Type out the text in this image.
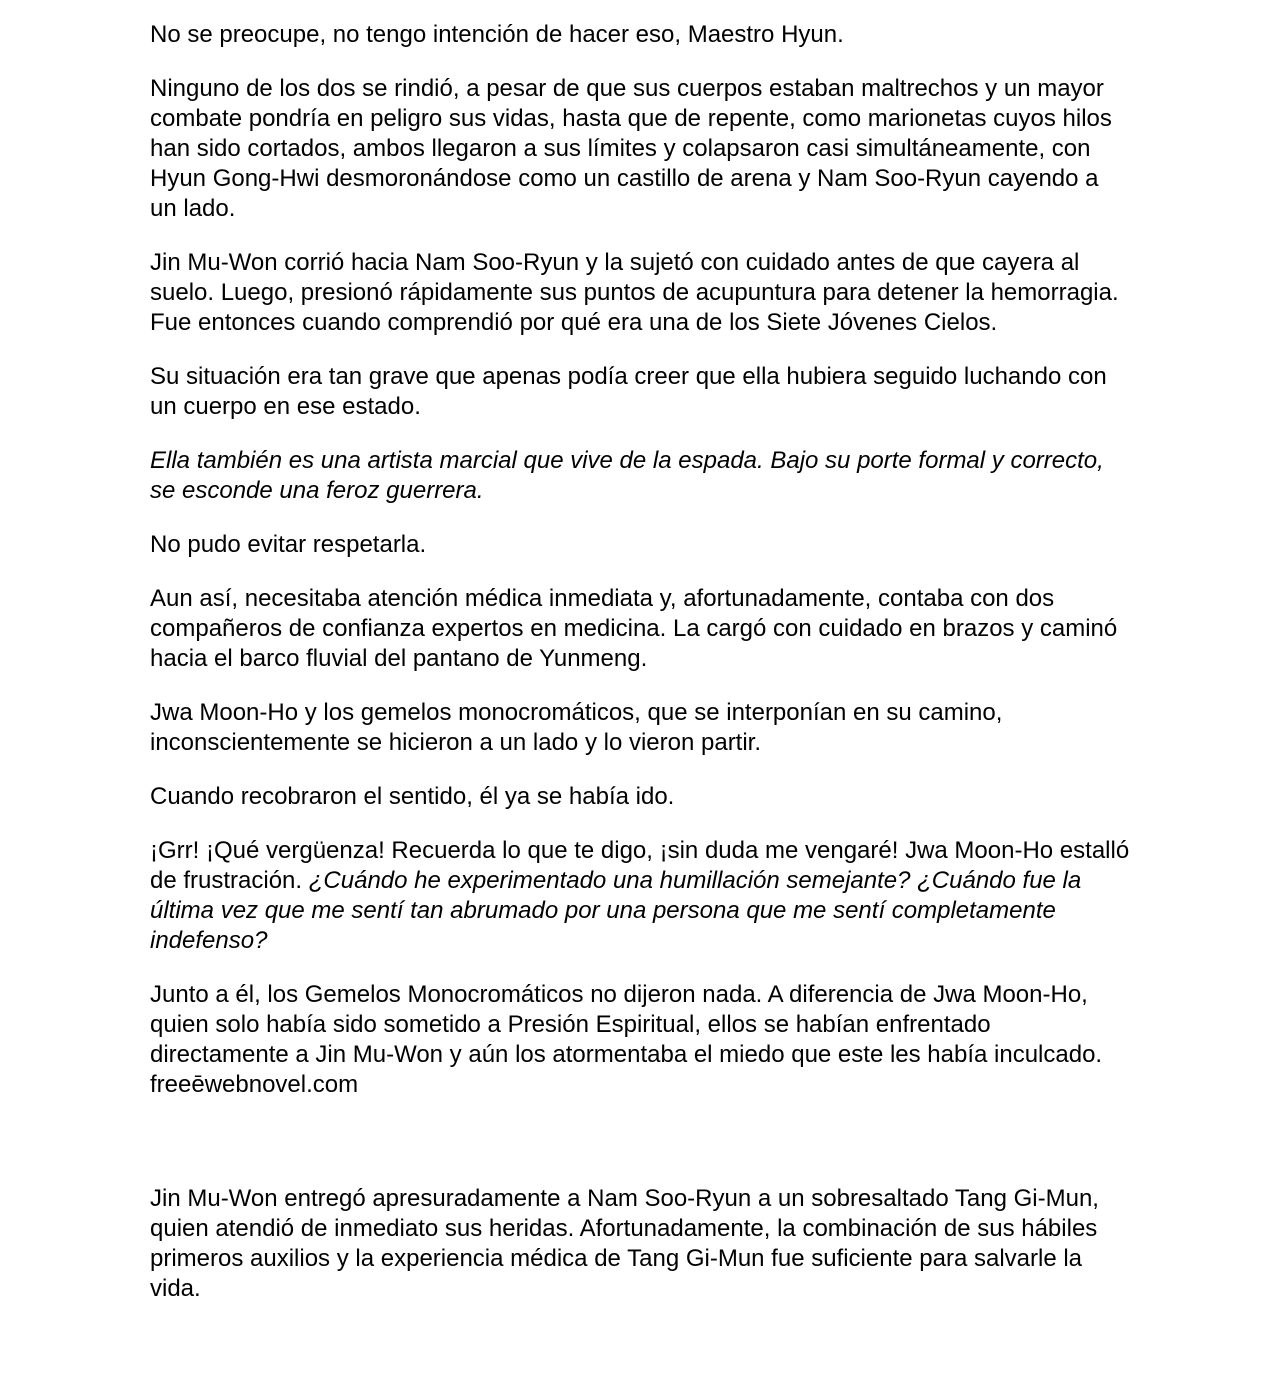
No se preocupe, no tengo intención de hacer eso, Maestro Hyun.

Ninguno de los dos se rindió, a pesar de que sus cuerpos estaban maltrechos y un mayor combate pondría en peligro sus vidas, hasta que de repente, como marionetas cuyos hilos han sido cortados, ambos llegaron a sus límites y colapsaron casi simultáneamente, con Hyun Gong-Hwi desmoronándose como un castillo de arena y Nam Soo-Ryun cayendo a un lado.

Jin Mu-Won corrió hacia Nam Soo-Ryun y la sujetó con cuidado antes de que cayera al suelo. Luego, presionó rápidamente sus puntos de acupuntura para detener la hemorragia. Fue entonces cuando comprendió por qué era una de los Siete Jóvenes Cielos.

Su situación era tan grave que apenas podía creer que ella hubiera seguido luchando con un cuerpo en ese estado.

Ella también es una artista marcial que vive de la espada. Bajo su porte formal y correcto, se esconde una feroz guerrera.

No pudo evitar respetarla.

Aun así, necesitaba atención médica inmediata y, afortunadamente, contaba con dos compañeros de confianza expertos en medicina. La cargó con cuidado en brazos y caminó hacia el barco fluvial del pantano de Yunmeng.

Jwa Moon-Ho y los gemelos monocromáticos, que se interponían en su camino, inconscientemente se hicieron a un lado y lo vieron partir.

Cuando recobraron el sentido, él ya se había ido.

¡Grr! ¡Qué vergüenza! Recuerda lo que te digo, ¡sin duda me vengaré! Jwa Moon-Ho estalló de frustración. ¿Cuándo he experimentado una humillación semejante? ¿Cuándo fue la última vez que me sentí tan abrumado por una persona que me sentí completamente indefenso?

Junto a él, los Gemelos Monocromáticos no dijeron nada. A diferencia de Jwa Moon-Ho, quien solo había sido sometido a Presión Espiritual, ellos se habían enfrentado directamente a Jin Mu-Won y aún los atormentaba el miedo que este les había inculcado. freeēwebnovel.com

Jin Mu-Won entregó apresuradamente a Nam Soo-Ryun a un sobresaltado Tang Gi-Mun, quien atendió de inmediato sus heridas. Afortunadamente, la combinación de sus hábiles primeros auxilios y la experiencia médica de Tang Gi-Mun fue suficiente para salvarle la vida.
